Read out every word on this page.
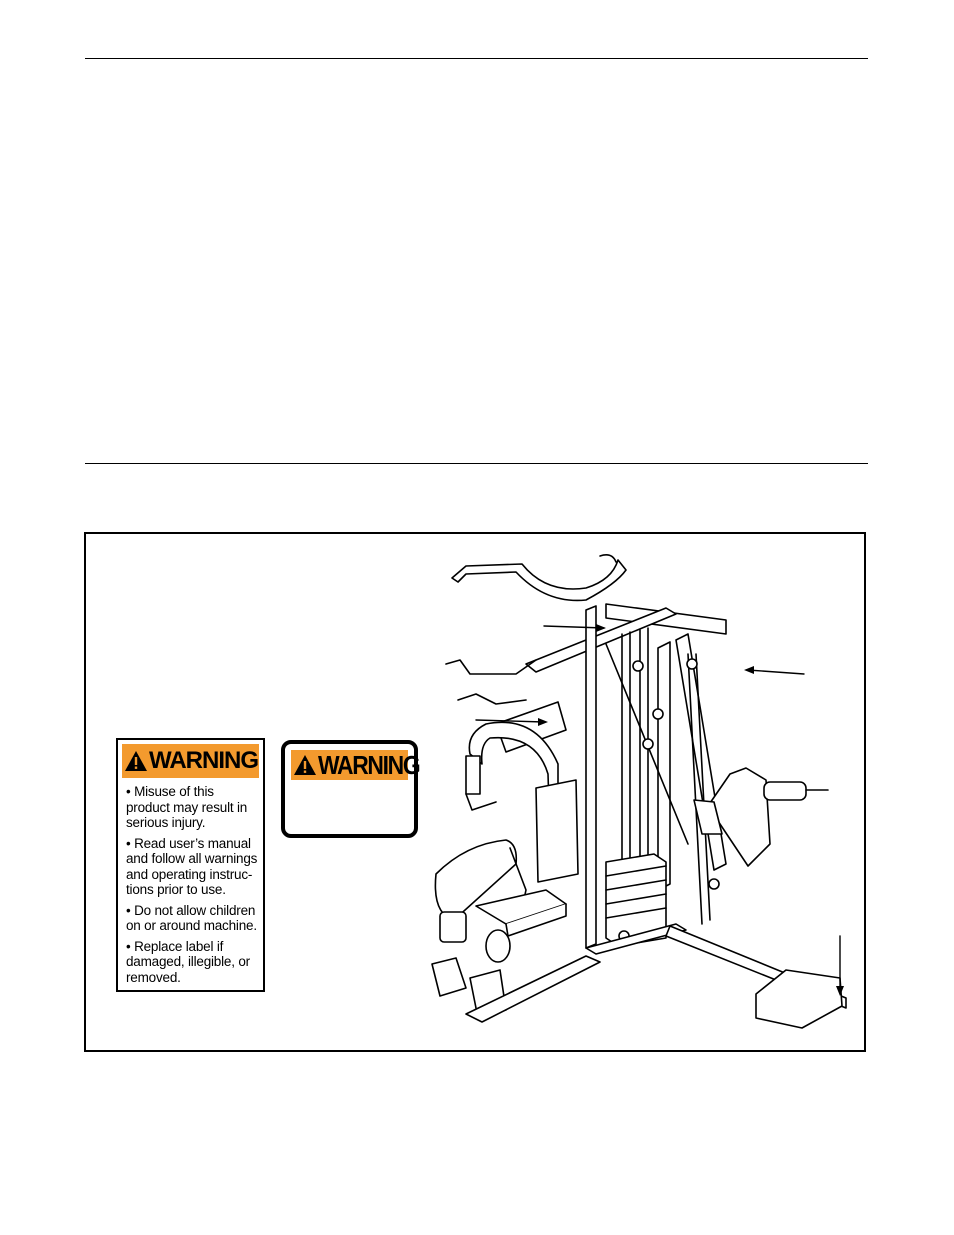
WARNING
• Misuse of this product may result in serious injury.
• Read user’s manual and follow all warnings and operating instruc-tions prior to use.
• Do not allow children on or around machine.
• Replace label if damaged, illegible, or removed.
WARNING
